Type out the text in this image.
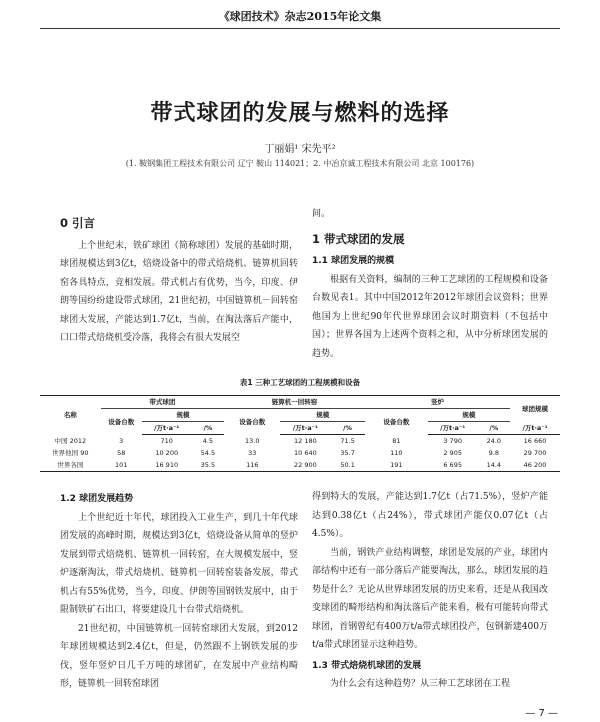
《球团技术》杂志2015年论文集
带式球团的发展与燃料的选择
丁丽娟¹ 宋先平²
(1. 鞍钢集团工程技术有限公司 辽宁 鞍山 114021；2. 中冶京诚工程技术有限公司 北京 100176)
0 引言

上个世纪末，铁矿球团（简称球团）发展的基础时期，球团规模达到3亿t，焙烧设备中的带式焙烧机、链箅机回转窑各具特点，竞相发展。带式机占有优势，当今，印度、伊朗等国纷纷建设带式球团，21世纪初，中国链箅机－回转窑球团大发展，产能达到1.7亿t，当前，在淘汰落后产能中，口口带式焙烧机受冷落，我将会有很大发展空

间。

1 带式球团的发展
1.1 球团发展的规模

根据有关资料，编制的三种工艺球团的工程规模和设备台数见表1。其中中国2012年2012年球团会议资料；世界他国为上世纪90年代世界球团会议时期资料（不包括中国）；世界各国为上述两个资料之和，从中分析球团发展的趋势。

表1 三种工艺球团的工程规模和设备
名称	带式球团			链箅机一回转窑			竖炉			球团规模
	设备台数	规模		设备台数	规模		设备台数	规模		
		/万t·a⁻¹	/%		/万t·a⁻¹	/%		/万t·a⁻¹	/%	/万t·a⁻¹
中国 2012	3	710	4.5	13.0	12 180	71.5	81	3 790	24.0	16 660
世界他国 90	58	10 200	54.5	33	10 640	35.7	110	2 905	9.8	29 700
世界各国	101	16 910	35.5	116	22 900	50.1	191	6 695	14.4	46 200
1.2 球团发展趋势

上个世纪近十年代，球团投入工业生产，到几十年代球团发展的高峰时期，规模达到3亿t，焙烧设备从简单的竖炉发展到带式焙烧机、链箅机一回转窑，在大规模发展中，竖炉逐渐淘汰，带式焙烧机、链箅机一回转窑装备发展，带式机占有55%优势，当今，印度、伊朗等国钢铁发展中，由于限制铁矿石出口，将要建设几十台带式焙烧机。

21世纪初，中国链箅机一回转窑球团大发展，到2012年球团规模达到2.4亿t，但是，仍然跟不上钢铁发展的步伐，竖年竖炉日几千万吨的球团矿，在发展中产业结构畸形，链箅机一回转窑球团

得到特大的发展，产能达到1.7亿t（占71.5%），竖炉产能达到0.38亿t（占24%），带式球团产能仅0.07亿t（占4.5%）。

当前，钢铁产业结构调整，球团是发展的产业，球团内部结构中还有一部分落后产能要淘汰，那么，球团发展的趋势是什么？无论从世界球团发展的历史来看，还是从我国改变球团的畸形结构和淘汰落后产能来看，极有可能转向带式球团，首钢曾纪有400万t/a带式球团投产，包钢新建400万t/a带式球团显示这种趋势。

1.3 带式焙烧机球团的发展

为什么会有这种趋势？从三种工艺球团在工程

— 7 —
